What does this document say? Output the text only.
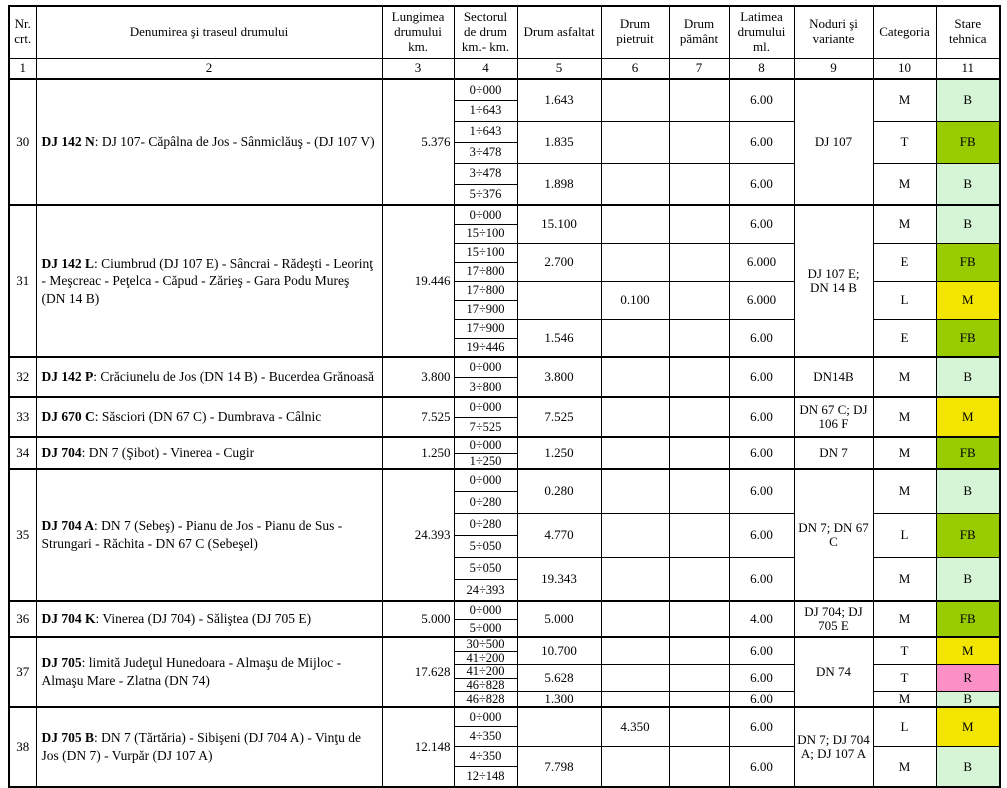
Nr. crt.	Denumirea şi traseul drumului	Lungimea drumului km.	Sectorul de drum km.- km.	Drum asfaltat	Drum pietruit	Drum pământ	Latimea drumului ml.	Noduri şi variante	Categoria	Stare tehnica
1	2	3	4	5	6	7	8	9	10	11
30	DJ 142 N: DJ 107- Căpâlna de Jos - Sânmiclăuş - (DJ 107 V)	5.376	0÷000	1.643			6.00	DJ 107	M	B
			1÷643							
			1÷643	1.835			6.00		T	FB
			3÷478							
			3÷478	1.898			6.00		M	B
			5÷376							
31	DJ 142 L: Ciumbrud (DJ 107 E) - Sâncrai - Rădeşti - Leorinţ - Meşcreac - Peţelca - Căpud - Zărieş - Gara Podu Mureş (DN 14 B)	19.446	0÷000	15.100			6.00	DJ 107 E; DN 14 B	M	B
			15÷100							
			15÷100	2.700			6.000		E	FB
			17÷800							
			17÷800		0.100		6.000		L	M
			17÷900							
			17÷900	1.546			6.00		E	FB
			19÷446							
32	DJ 142 P: Crăciunelu de Jos (DN 14 B) - Bucerdea Grănoasă	3.800	0÷000	3.800			6.00	DN14B	M	B
			3÷800							
33	DJ 670 C: Săsciori (DN 67 C) - Dumbrava - Câlnic	7.525	0÷000	7.525			6.00	DN 67 C; DJ 106 F	M	M
			7÷525							
34	DJ 704: DN 7 (Şibot) - Vinerea - Cugir	1.250	0÷000	1.250			6.00	DN 7	M	FB
			1÷250							
35	DJ 704 A: DN 7 (Sebeş) - Pianu de Jos - Pianu de Sus - Strungari - Răchita - DN 67 C (Sebeşel)	24.393	0÷000	0.280			6.00	DN 7; DN 67 C	M	B
			0÷280							
			0÷280	4.770			6.00		L	FB
			5÷050							
			5÷050	19.343			6.00		M	B
			24÷393							
36	DJ 704 K: Vinerea (DJ 704) - Săliştea (DJ 705 E)	5.000	0÷000	5.000			4.00	DJ 704; DJ 705 E	M	FB
			5÷000							
37	DJ 705: limită Judeţul Hunedoara - Almaşu de Mijloc - Almaşu Mare - Zlatna (DN 74)	17.628	30÷500	10.700			6.00	DN 74	T	M
			41÷200							
			41÷200	5.628			6.00		T	R
			46÷828							
			46÷828	1.300			6.00		M	B
38	DJ 705 B: DN 7 (Tărtăria) - Sibişeni (DJ 704 A) - Vinţu de Jos (DN 7) - Vurpăr (DJ 107 A)	12.148	0÷000		4.350		6.00	DN 7; DJ 704 A; DJ 107 A	L	M
			4÷350							
			4÷350	7.798			6.00		M	B
			12÷148							
